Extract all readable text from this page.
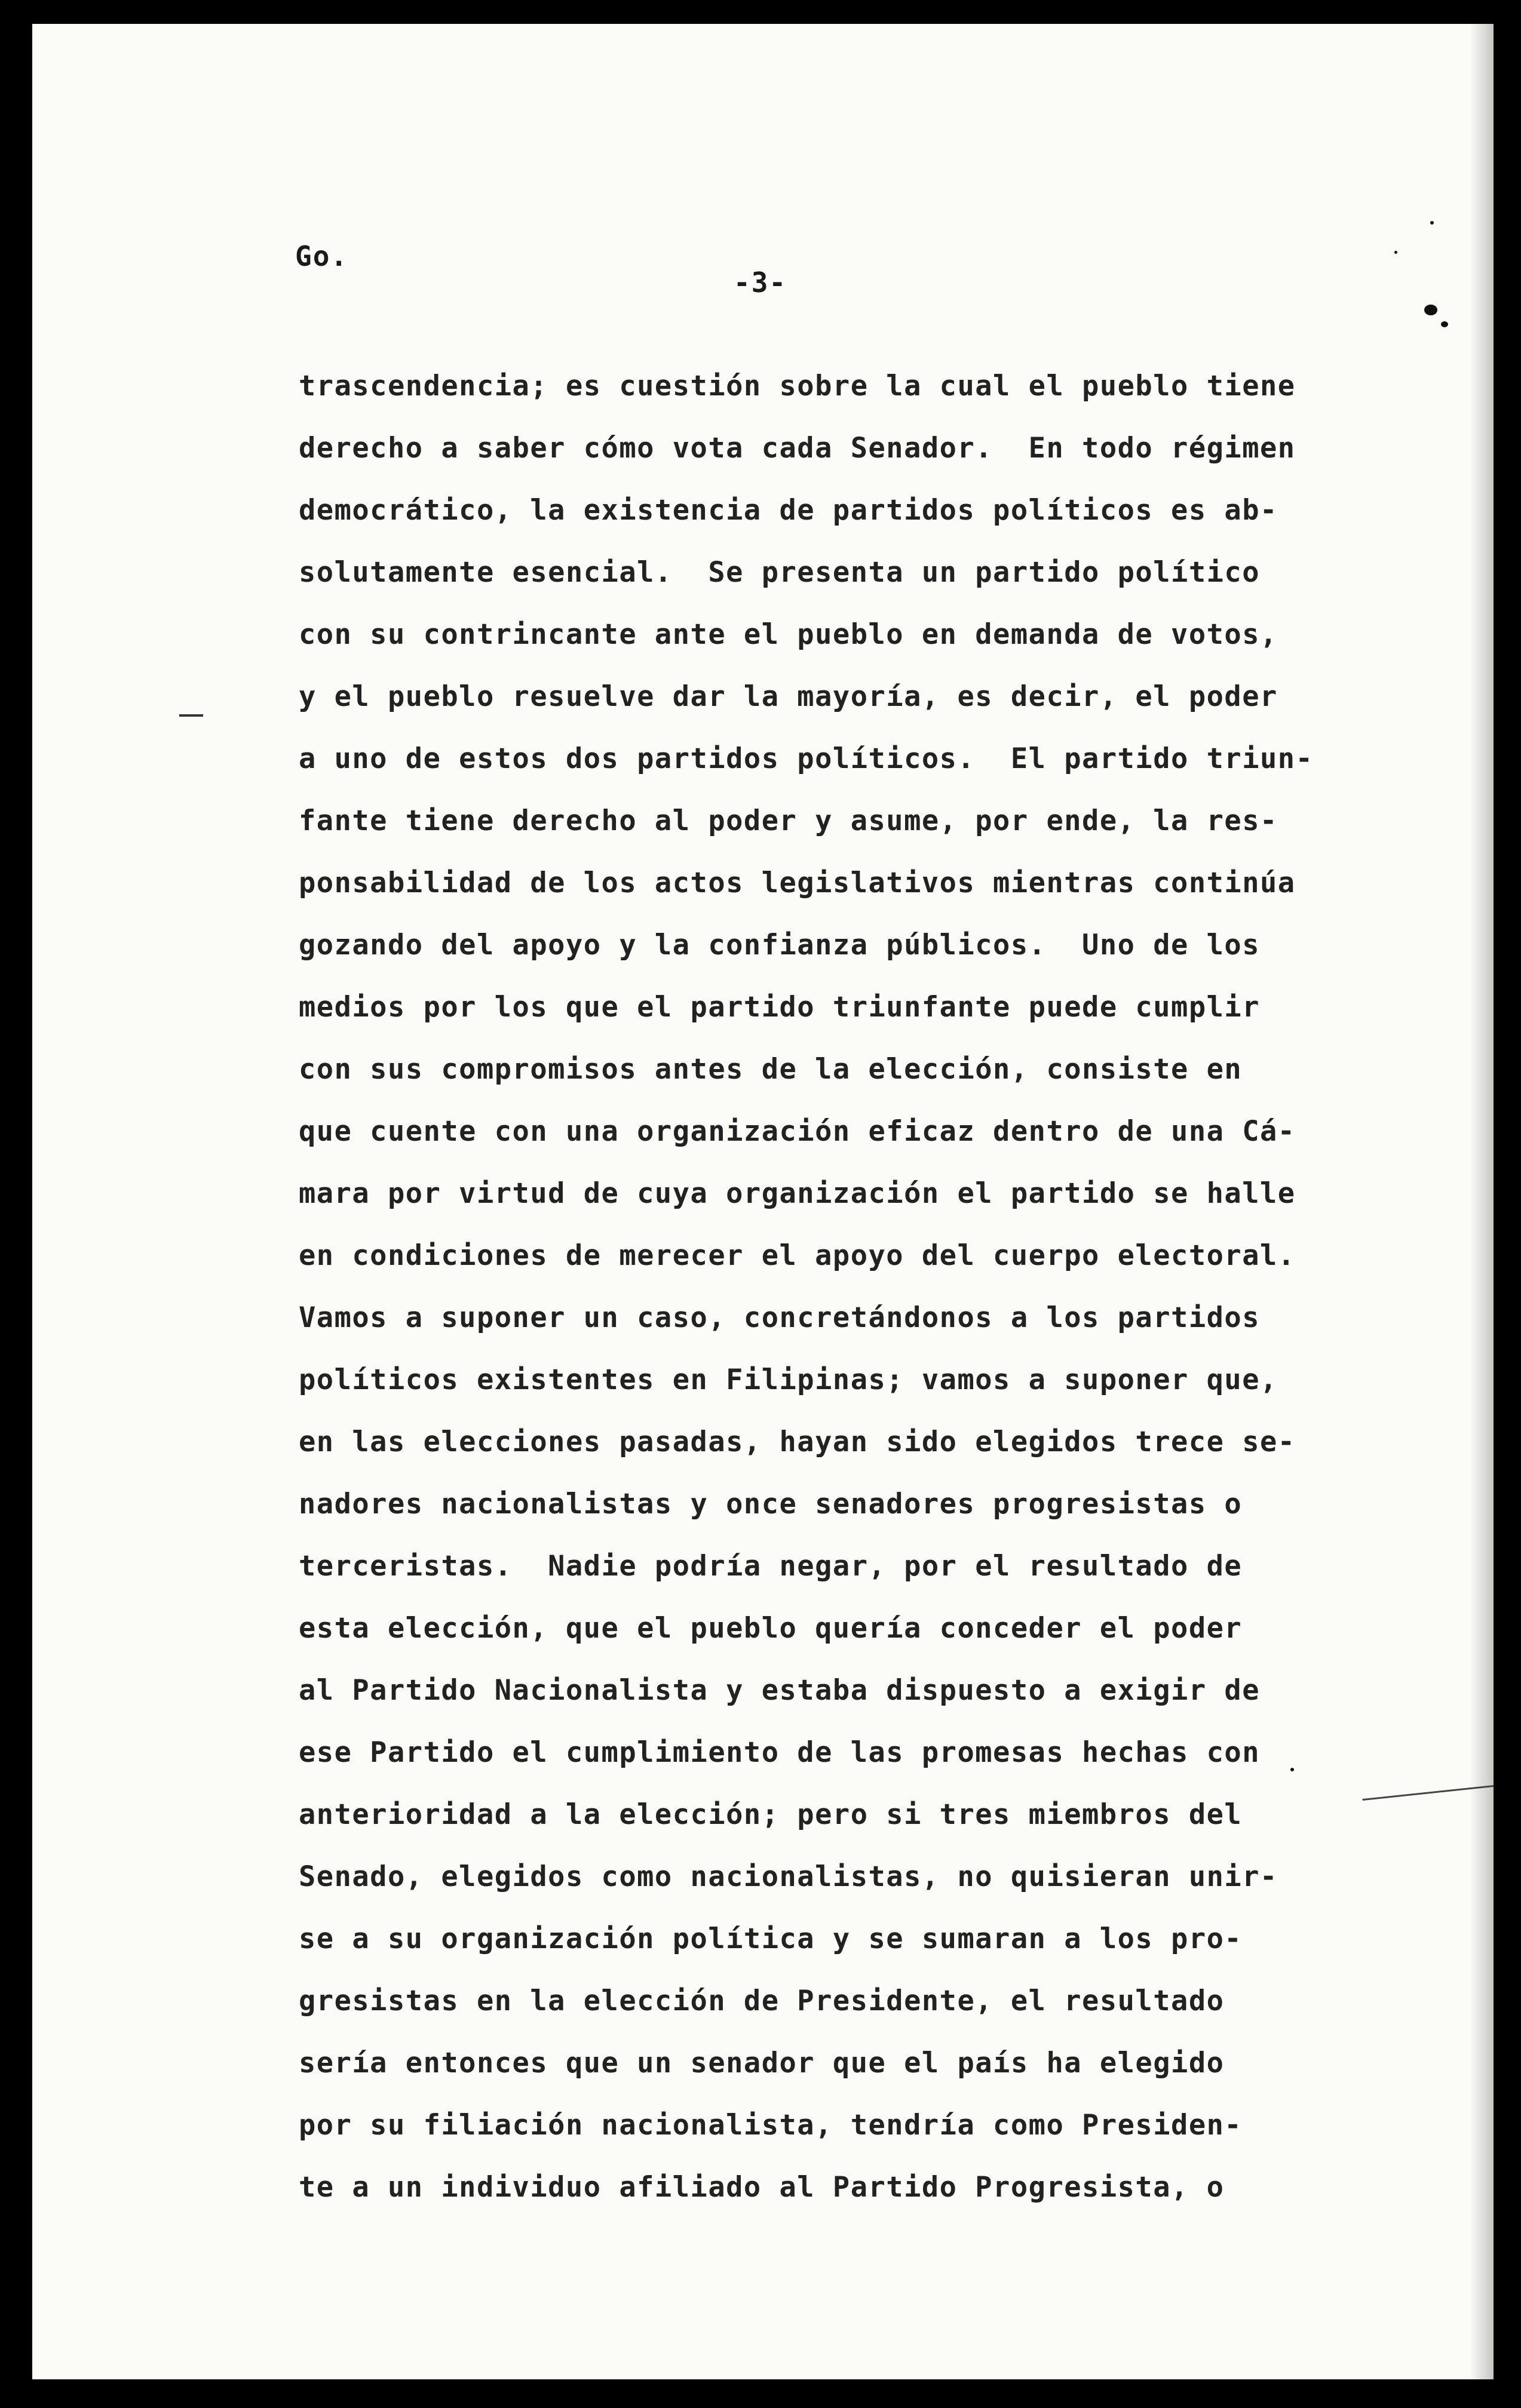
Go.
-3-
trascendencia; es cuestión sobre la cual el pueblo tiene
derecho a saber cómo vota cada Senador.  En todo régimen
democrático, la existencia de partidos políticos es ab-
solutamente esencial.  Se presenta un partido político
con su contrincante ante el pueblo en demanda de votos,
y el pueblo resuelve dar la mayoría, es decir, el poder
a uno de estos dos partidos políticos.  El partido triun-
fante tiene derecho al poder y asume, por ende, la res-
ponsabilidad de los actos legislativos mientras continúa
gozando del apoyo y la confianza públicos.  Uno de los
medios por los que el partido triunfante puede cumplir
con sus compromisos antes de la elección, consiste en
que cuente con una organización eficaz dentro de una Cá-
mara por virtud de cuya organización el partido se halle
en condiciones de merecer el apoyo del cuerpo electoral.
Vamos a suponer un caso, concretándonos a los partidos
políticos existentes en Filipinas; vamos a suponer que,
en las elecciones pasadas, hayan sido elegidos trece se-
nadores nacionalistas y once senadores progresistas o
terceristas.  Nadie podría negar, por el resultado de
esta elección, que el pueblo quería conceder el poder
al Partido Nacionalista y estaba dispuesto a exigir de
ese Partido el cumplimiento de las promesas hechas con
anterioridad a la elección; pero si tres miembros del
Senado, elegidos como nacionalistas, no quisieran unir-
se a su organización política y se sumaran a los pro-
gresistas en la elección de Presidente, el resultado
sería entonces que un senador que el país ha elegido
por su filiación nacionalista, tendría como Presiden-
te a un individuo afiliado al Partido Progresista, o
